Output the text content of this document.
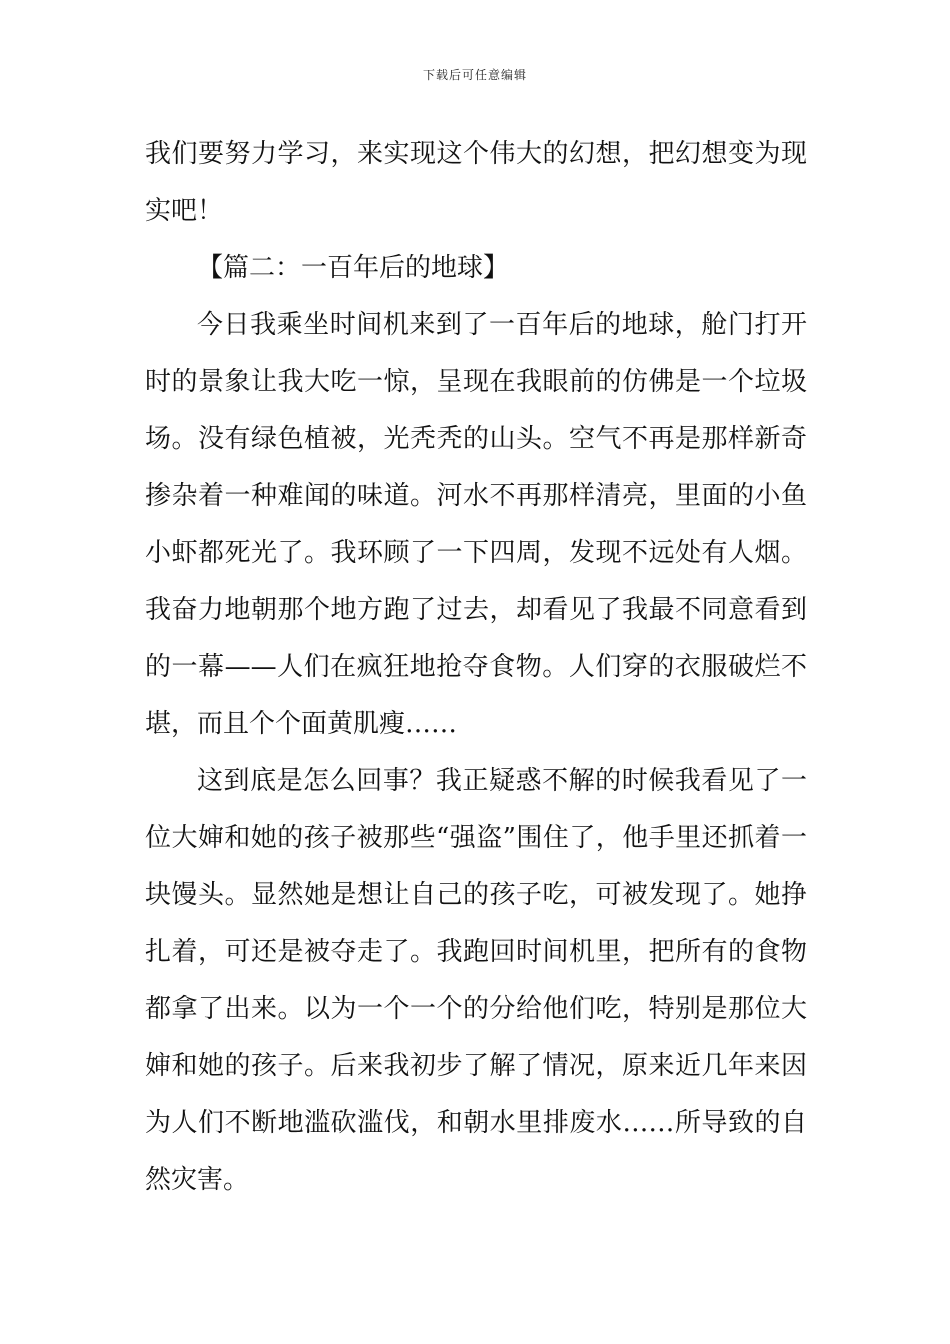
下载后可任意编辑

我们要努力学习，来实现这个伟大的幻想，把幻想变为现实吧！

【篇二：一百年后的地球】

今日我乘坐时间机来到了一百年后的地球，舱门打开时的景象让我大吃一惊，呈现在我眼前的仿佛是一个垃圾场。没有绿色植被，光秃秃的山头。空气不再是那样新奇掺杂着一种难闻的味道。河水不再那样清亮，里面的小鱼小虾都死光了。我环顾了一下四周，发现不远处有人烟。我奋力地朝那个地方跑了过去，却看见了我最不同意看到的一幕——人们在疯狂地抢夺食物。人们穿的衣服破烂不堪，而且个个面黄肌瘦……

这到底是怎么回事？我正疑惑不解的时候我看见了一位大婶和她的孩子被那些“强盗”围住了，他手里还抓着一块馒头。显然她是想让自己的孩子吃，可被发现了。她挣扎着，可还是被夺走了。我跑回时间机里，把所有的食物都拿了出来。以为一个一个的分给他们吃，特别是那位大婶和她的孩子。后来我初步了解了情况，原来近几年来因为人们不断地滥砍滥伐，和朝水里排废水……所导致的自然灾害。
